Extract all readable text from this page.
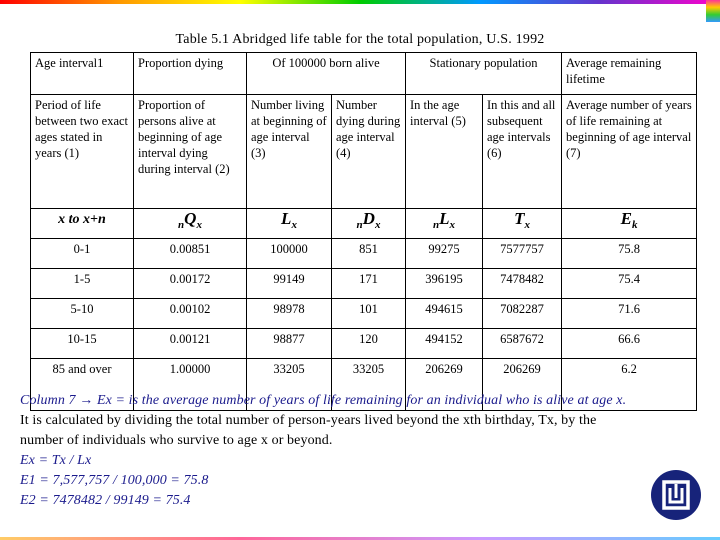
Table 5.1 Abridged life table for the total population, U.S. 1992
Age interval1	Proportion dying	Of 100000 born alive		Stationary population		Average remaining lifetime
Period of life between two exact ages stated in years (1)	Proportion of persons alive at beginning of age interval dying during interval (2)	Number living at beginning of age interval (3)	Number dying during age interval (4)	In the age interval (5)	In this and all subsequent age intervals (6)	Average number of years of life remaining at beginning of age interval (7)
x to x+n	$_nQ_x$	$L_x$	$_nD_x$	$_nL_x$	$T_x$	$E_k$
0-1	0.00851	100000	851	99275	7577757	75.8
1-5	0.00172	99149	171	396195	7478482	75.4
5-10	0.00102	98978	101	494615	7082287	71.6
10-15	0.00121	98877	120	494152	6587672	66.6
85 and over	1.00000	33205	33205	206269	206269	6.2
Column 7 → Ex = is the average number of years of life remaining for an individual who is alive at age x.
It is calculated by dividing the total number of person-years lived beyond the xth birthday, Tx, by the
number of individuals who survive to age x or beyond.
Ex = Tx / Lx
E1 = 7,577,757 / 100,000 = 75.8
E2 = 7478482 / 99149 = 75.4
